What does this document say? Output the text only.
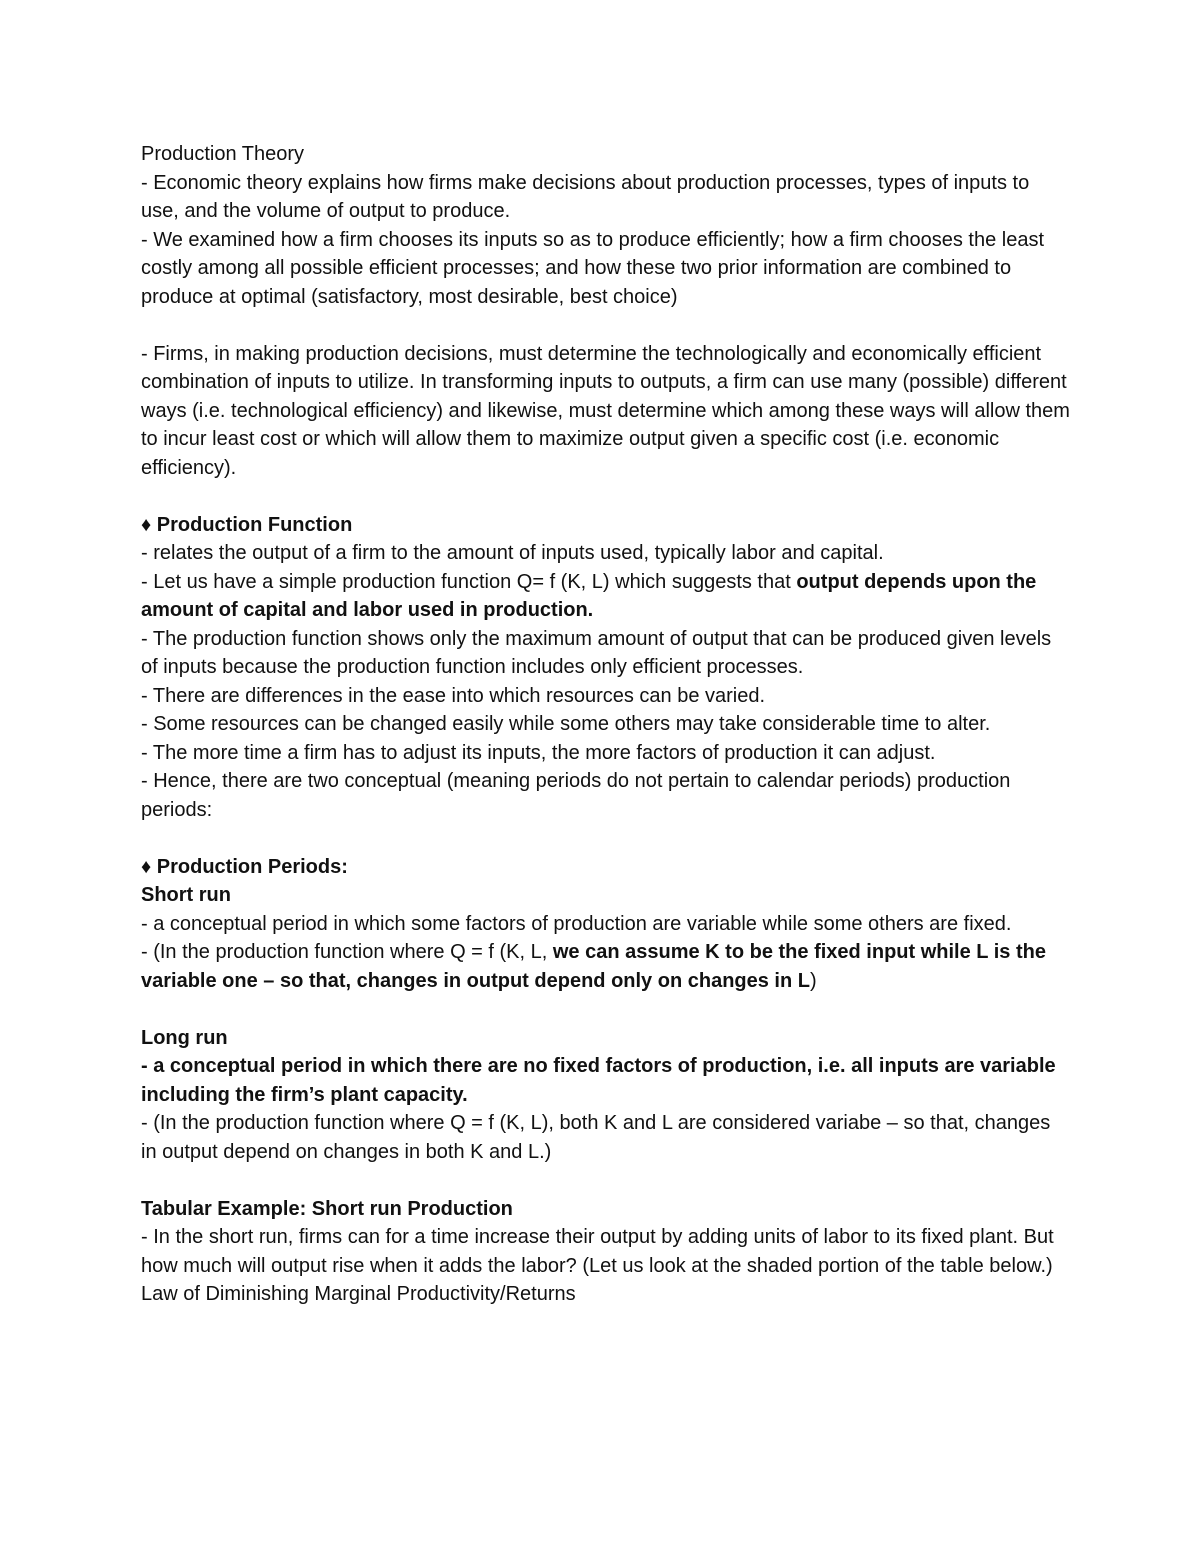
Production Theory

- Economic theory explains how firms make decisions about production processes, types of inputs to use, and the volume of output to produce.

- We examined how a firm chooses its inputs so as to produce efficiently; how a firm chooses the least costly among all possible efficient processes; and how these two prior information are combined to produce at optimal (satisfactory, most desirable, best choice)

- Firms, in making production decisions, must determine the technologically and economically efficient combination of inputs to utilize. In transforming inputs to outputs, a firm can use many (possible) different ways (i.e. technological efficiency) and likewise, must determine which among these ways will allow them to incur least cost or which will allow them to maximize output given a specific cost (i.e. economic efficiency).

♦ Production Function

- relates the output of a firm to the amount of inputs used, typically labor and capital.

- Let us have a simple production function Q= f (K, L) which suggests that output depends upon the amount of capital and labor used in production.

- The production function shows only the maximum amount of output that can be produced given levels of inputs because the production function includes only efficient processes.

- There are differences in the ease into which resources can be varied.

- Some resources can be changed easily while some others may take considerable time to alter.

- The more time a firm has to adjust its inputs, the more factors of production it can adjust.

- Hence, there are two conceptual (meaning periods do not pertain to calendar periods) production periods:

♦ Production Periods:

Short run

- a conceptual period in which some factors of production are variable while some others are fixed.

- (In the production function where Q = f (K, L, we can assume K to be the fixed input while L is the variable one – so that, changes in output depend only on changes in L)

Long run

- a conceptual period in which there are no fixed factors of production, i.e. all inputs are variable including the firm’s plant capacity.

- (In the production function where Q = f (K, L), both K and L are considered variabe – so that, changes in output depend on changes in both K and L.)

Tabular Example: Short run Production

- In the short run, firms can for a time increase their output by adding units of labor to its fixed plant. But how much will output rise when it adds the labor? (Let us look at the shaded portion of the table below.) Law of Diminishing Marginal Productivity/Returns
